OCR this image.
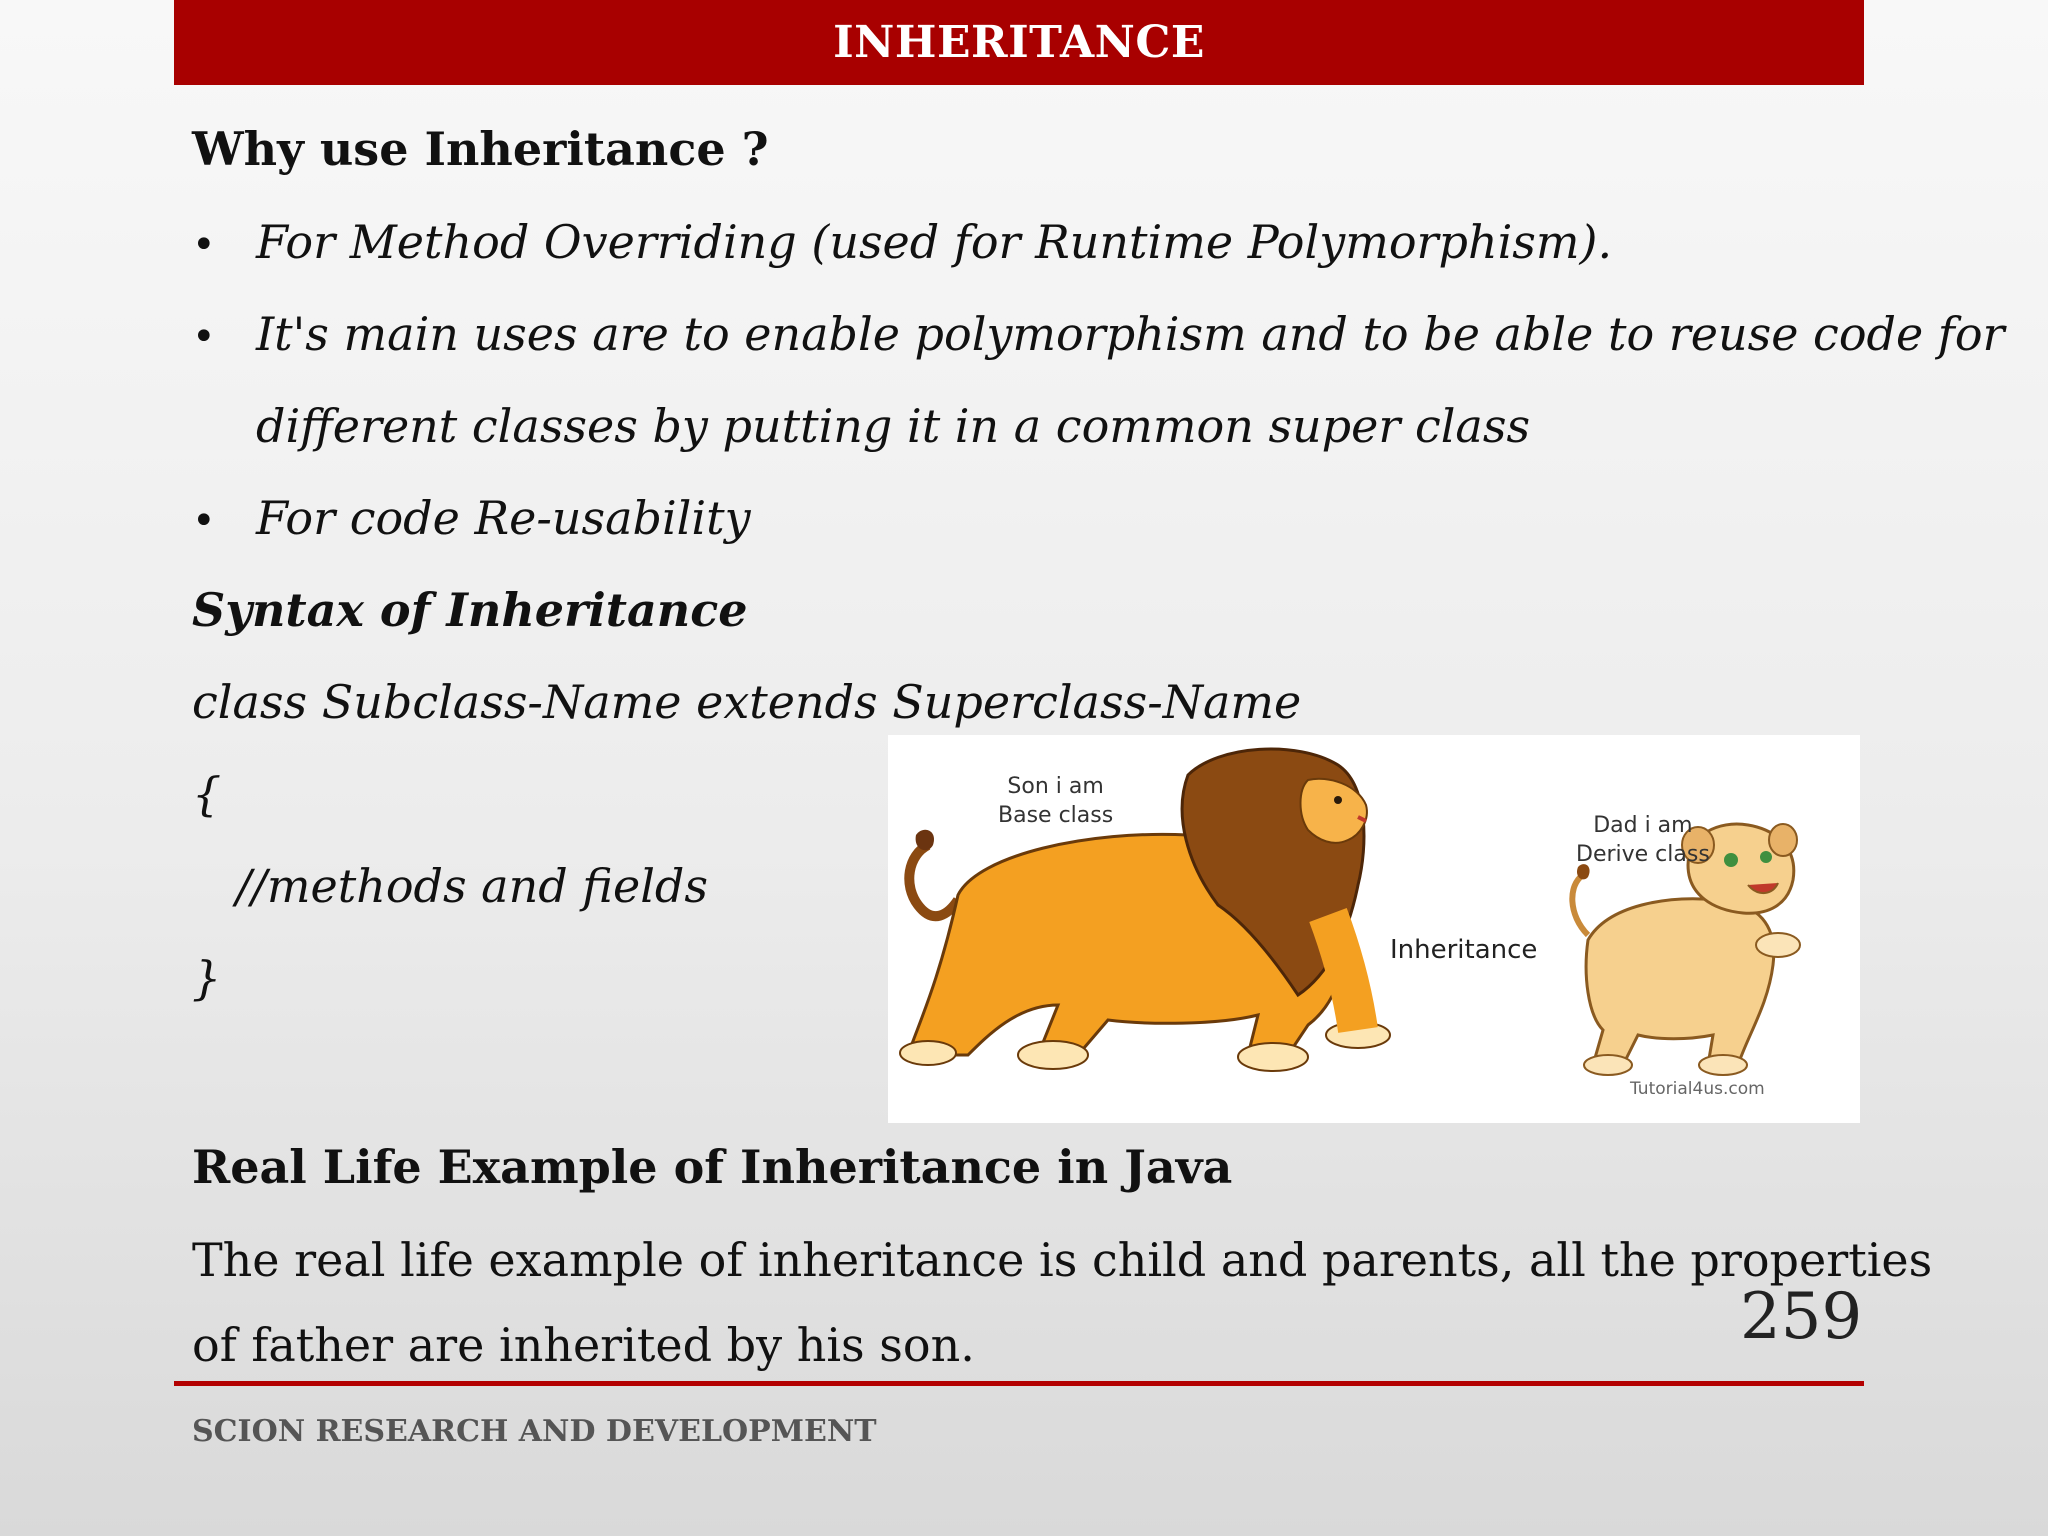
INHERITANCE
Why use Inheritance ?
• For Method Overriding (used for Runtime Polymorphism).
• It's main uses are to enable polymorphism and to be able to reuse code for
different classes by putting it in a common super class
• For code Re-usability
Syntax of Inheritance
class Subclass-Name extends Superclass-Name
{
//methods and fields
}
Son i am
Base class	Dad i am
Derive class
Inheritance
Tutorial4us.com
Real Life Example of Inheritance in Java
The real life example of inheritance is child and parents, all the properties
of father are inherited by his son.	259
SCION RESEARCH AND DEVELOPMENT
